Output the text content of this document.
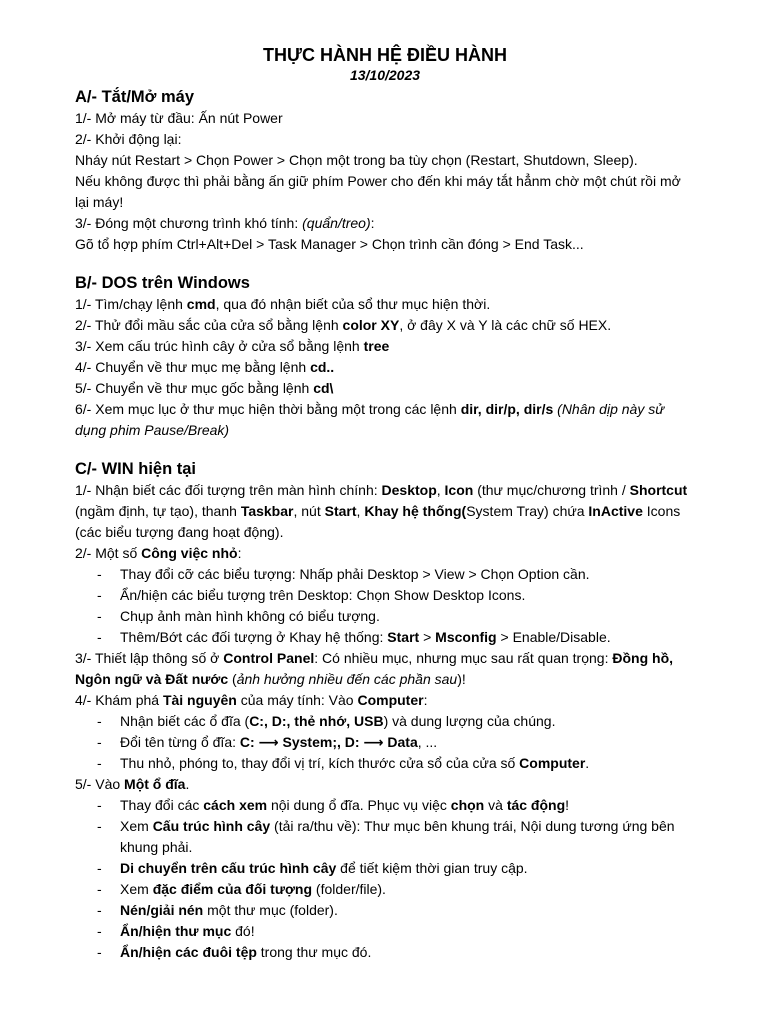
THỰC HÀNH HỆ ĐIỀU HÀNH

13/10/2023

A/- Tắt/Mở máy

1/- Mở máy từ đầu: Ấn nút Power

2/- Khởi động lại:

Nháy nút Restart > Chọn Power > Chọn một trong ba tùy chọn (Restart, Shutdown, Sleep).

Nếu không được thì phải bằng ấn giữ phím Power cho đến khi máy tắt hẳnm chờ một chút rồi mở lại máy!

3/- Đóng một chương trình khó tính: (quẩn/treo):

Gõ tổ hợp phím Ctrl+Alt+Del > Task Manager > Chọn trình cần đóng > End Task...

B/- DOS trên Windows

1/- Tìm/chạy lệnh cmd, qua đó nhận biết của sổ thư mục hiện thời.

2/- Thử đổi mầu sắc của cửa sổ bằng lệnh color XY, ở đây X và Y là các chữ số HEX.

3/- Xem cấu trúc hình cây ở cửa sổ bằng lệnh tree

4/- Chuyển về thư mục mẹ bằng lệnh cd..

5/- Chuyển về thư mục gốc bằng lệnh cd\

6/- Xem mục lục ở thư mục hiện thời bằng một trong các lệnh dir, dir/p, dir/s (Nhân dịp này sử dụng phim Pause/Break)

C/- WIN hiện tại

1/- Nhận biết các đối tượng trên màn hình chính: Desktop, Icon (thư mục/chương trình / Shortcut (ngầm định, tự tạo), thanh Taskbar, nút Start, Khay hệ thống(System Tray) chứa InActive Icons (các biểu tượng đang hoạt động).

2/- Một số Công việc nhỏ:

- Thay đổi cỡ các biểu tượng: Nhấp phải Desktop > View > Chọn Option cần.
- Ẩn/hiện các biểu tượng trên Desktop: Chọn Show Desktop Icons.
- Chụp ảnh màn hình không có biểu tượng.
- Thêm/Bớt các đối tượng ở Khay hệ thống: Start > Msconfig > Enable/Disable.

3/- Thiết lập thông số ở Control Panel: Có nhiều mục, nhưng mục sau rất quan trọng: Đồng hồ, Ngôn ngữ và Đất nước (ảnh hưởng nhiều đến các phần sau)!

4/- Khám phá Tài nguyên của máy tính: Vào Computer:

- Nhận biết các ổ đĩa (C:, D:, thẻ nhớ, USB) và dung lượng của chúng.
- Đổi tên từng ổ đĩa: C: ⟶ System;, D: ⟶ Data, ...
- Thu nhỏ, phóng to, thay đổi vị trí, kích thước cửa sổ của cửa số Computer.

5/- Vào Một ổ đĩa.

- Thay đổi các cách xem nội dung ổ đĩa. Phục vụ việc chọn và tác động!
- Xem Cấu trúc hình cây (tải ra/thu về): Thư mục bên khung trái, Nội dung tương ứng bên khung phải.
- Di chuyển trên cấu trúc hình cây để tiết kiệm thời gian truy cập.
- Xem đặc điểm của đối tượng (folder/file).
- Nén/giải nén một thư mục (folder).
- Ẩn/hiện thư mục đó!
- Ẩn/hiện các đuôi tệp trong thư mục đó.
